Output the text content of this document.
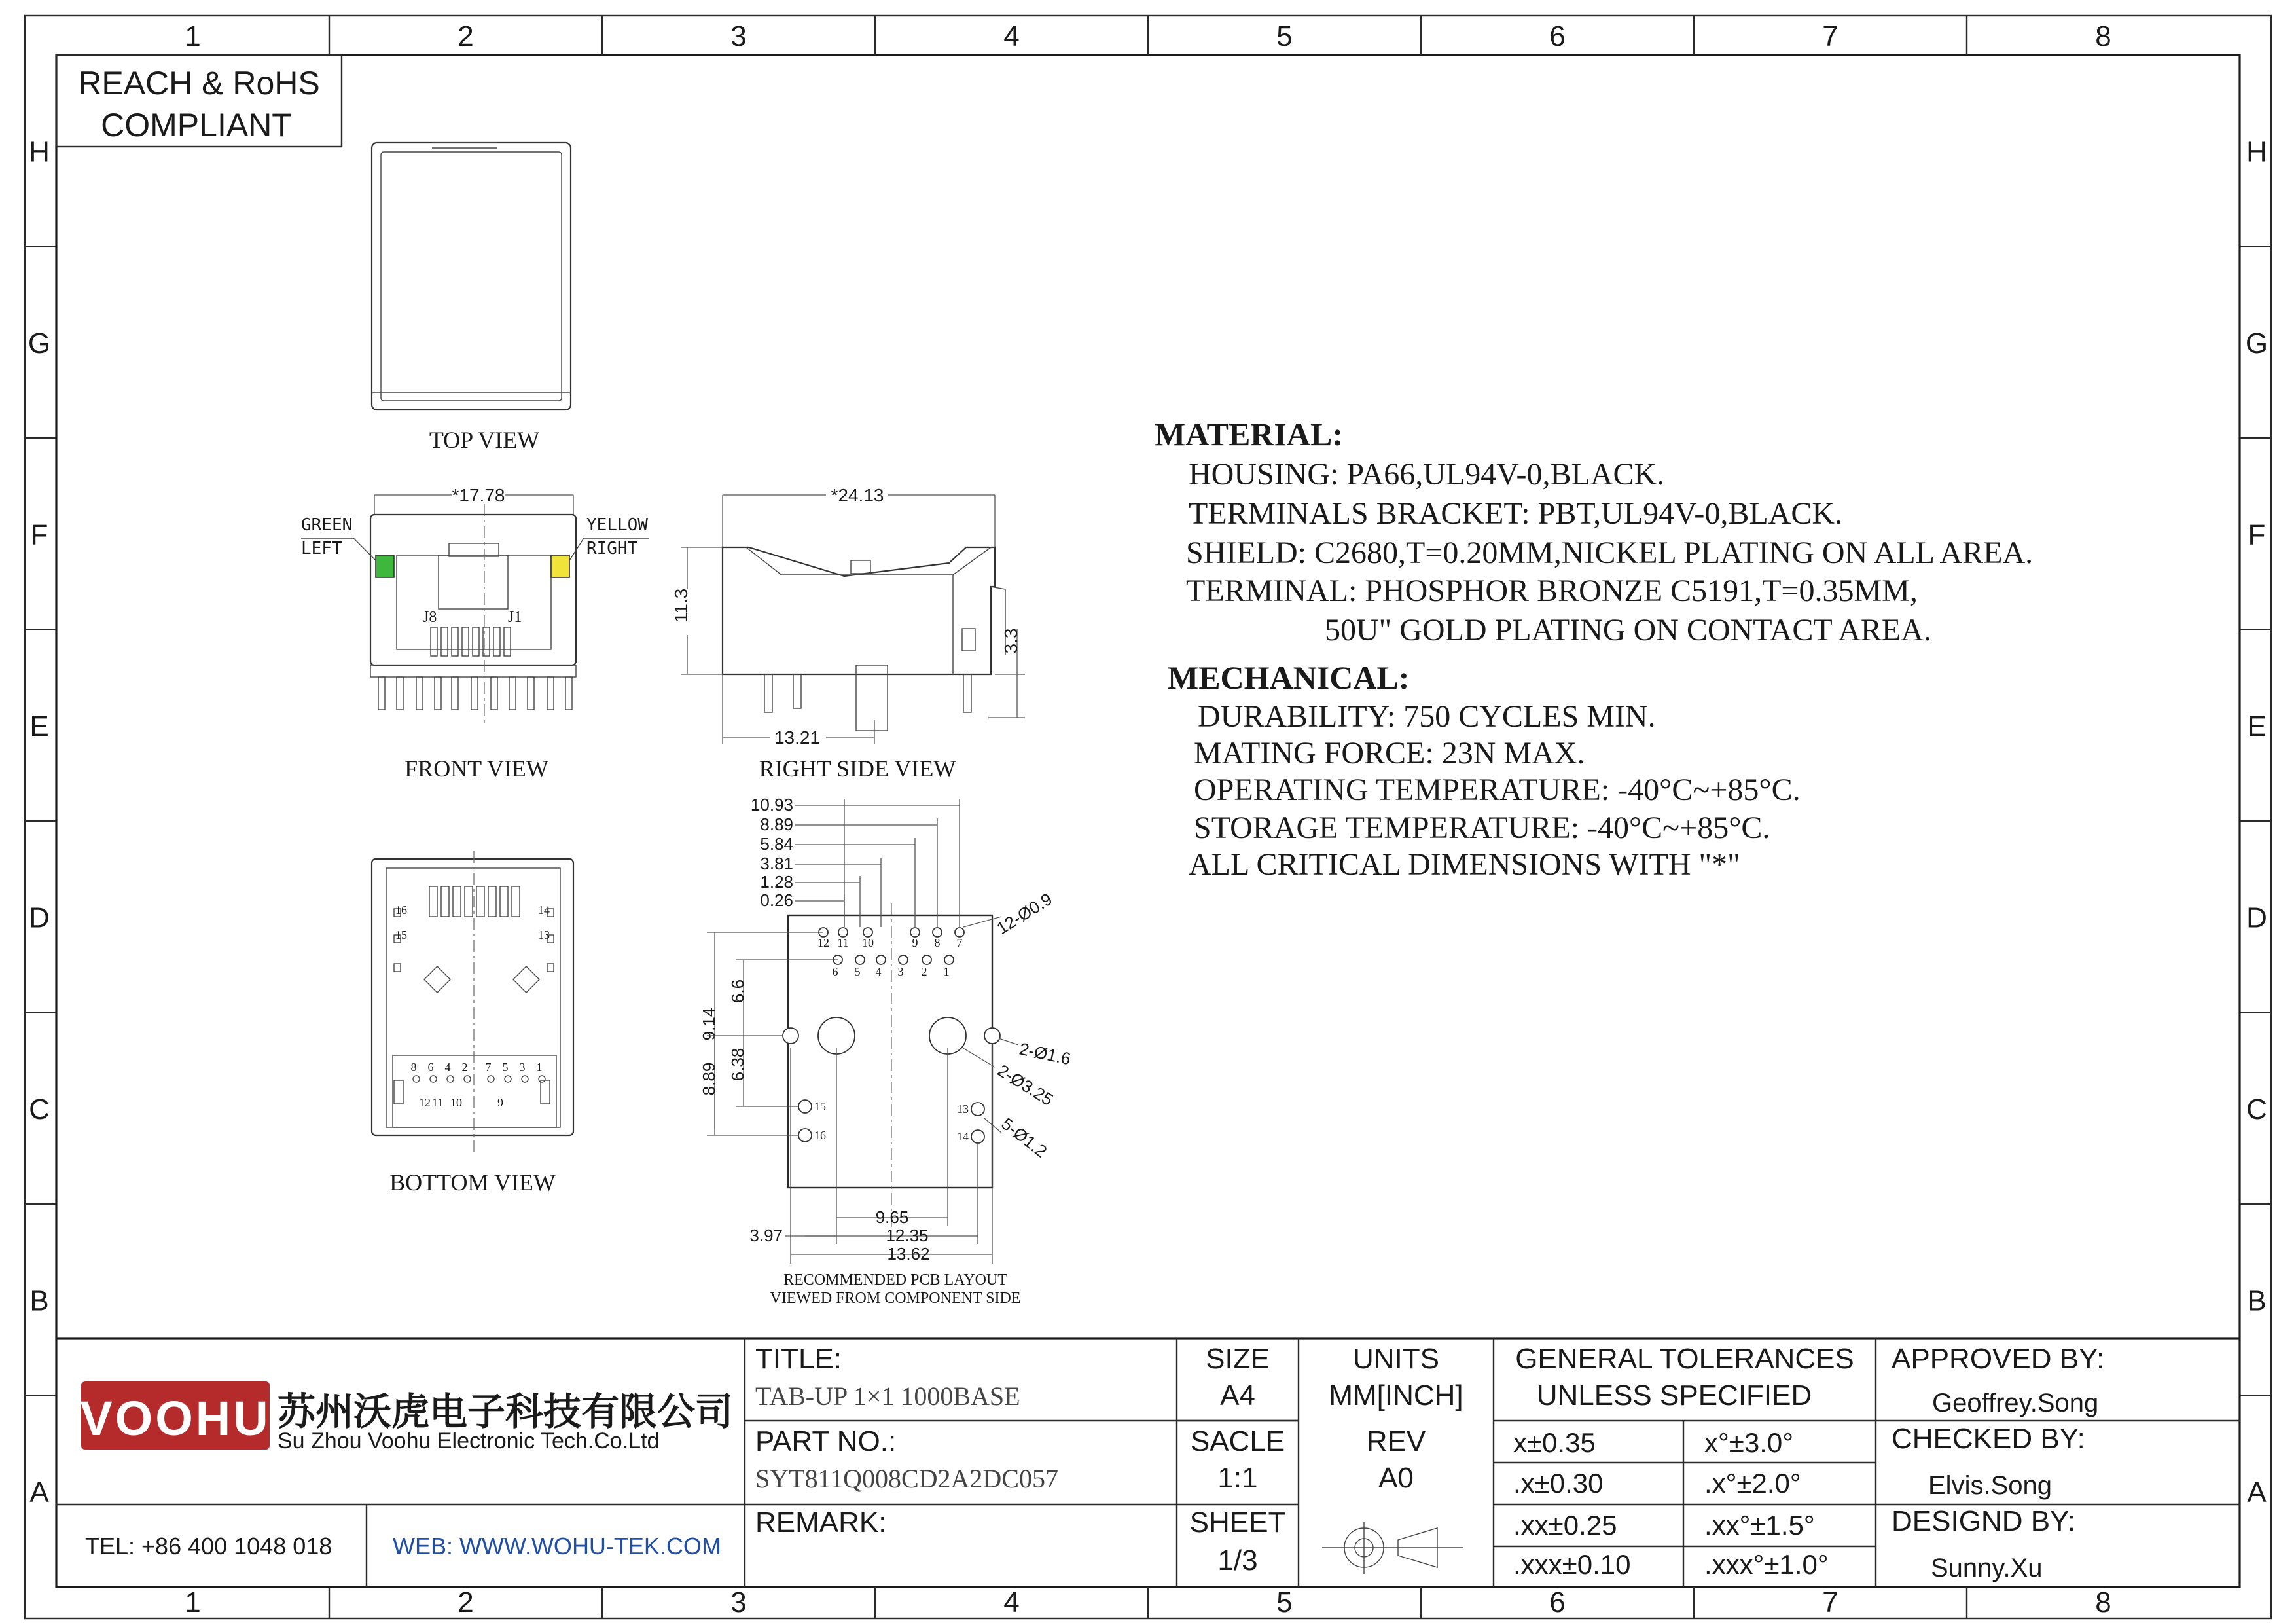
1
1
2
2
3
3
4
4
5
5
6
6
7
7
8
8
H	H
G	G
F	F
E	E
D	D
C	C
B	B
A	A
REACH & RoHS
COMPLIANT
TOP VIEW
*17.78
GREEN
LEFT
YELLOW
RIGHT
J8	J1
FRONT VIEW
*24.13
11.3
3.3
13.21
RIGHT SIDE VIEW
16
15
14
13
8 6 4 2 7 5 3 1
12 11 10	9
BOTTOM VIEW
12 11 10	9 8 7
6 5 4 3 2 1
15
16
13
14
10.93
8.89
5.84
3.81
1.28
0.26
9.14
6.6
8.89 6.38
3.97
9.65
12.35
13.62
12-Ø0.9
2-Ø1.6
2-Ø3.25
5-Ø1.2
RECOMMENDED PCB LAYOUT
VIEWED FROM COMPONENT SIDE
MATERIAL:
HOUSING: PA66,UL94V-0,BLACK.
TERMINALS BRACKET: PBT,UL94V-0,BLACK.
SHIELD: C2680,T=0.20MM,NICKEL PLATING ON ALL AREA.
TERMINAL: PHOSPHOR BRONZE C5191,T=0.35MM,
50U" GOLD PLATING ON CONTACT AREA.
MECHANICAL:
DURABILITY: 750 CYCLES MIN.
MATING FORCE: 23N MAX.
OPERATING TEMPERATURE: -40°C~+85°C.
STORAGE TEMPERATURE: -40°C~+85°C.
ALL CRITICAL DIMENSIONS WITH "*"
VOOHU 苏州沃虎电子科技有限公司
Su Zhou Voohu Electronic Tech.Co.Ltd
TEL: +86 400 1048 018	WEB: WWW.WOHU-TEK.COM
TITLE:
TAB-UP 1×1 1000BASE
PART NO.:
SYT811Q008CD2A2DC057
REMARK:
SIZE
A4
UNITS
MM[INCH]
SACLE
1:1
REV
A0
SHEET
1/3
GENERAL TOLERANCES
UNLESS SPECIFIED
x±0.35	x°±3.0°
.x±0.30	.x°±2.0°
.xx±0.25	.xx°±1.5°
.xxx±0.10	.xxx°±1.0°
APPROVED BY:
Geoffrey.Song
CHECKED BY:
Elvis.Song
DESIGND BY:
Sunny.Xu
